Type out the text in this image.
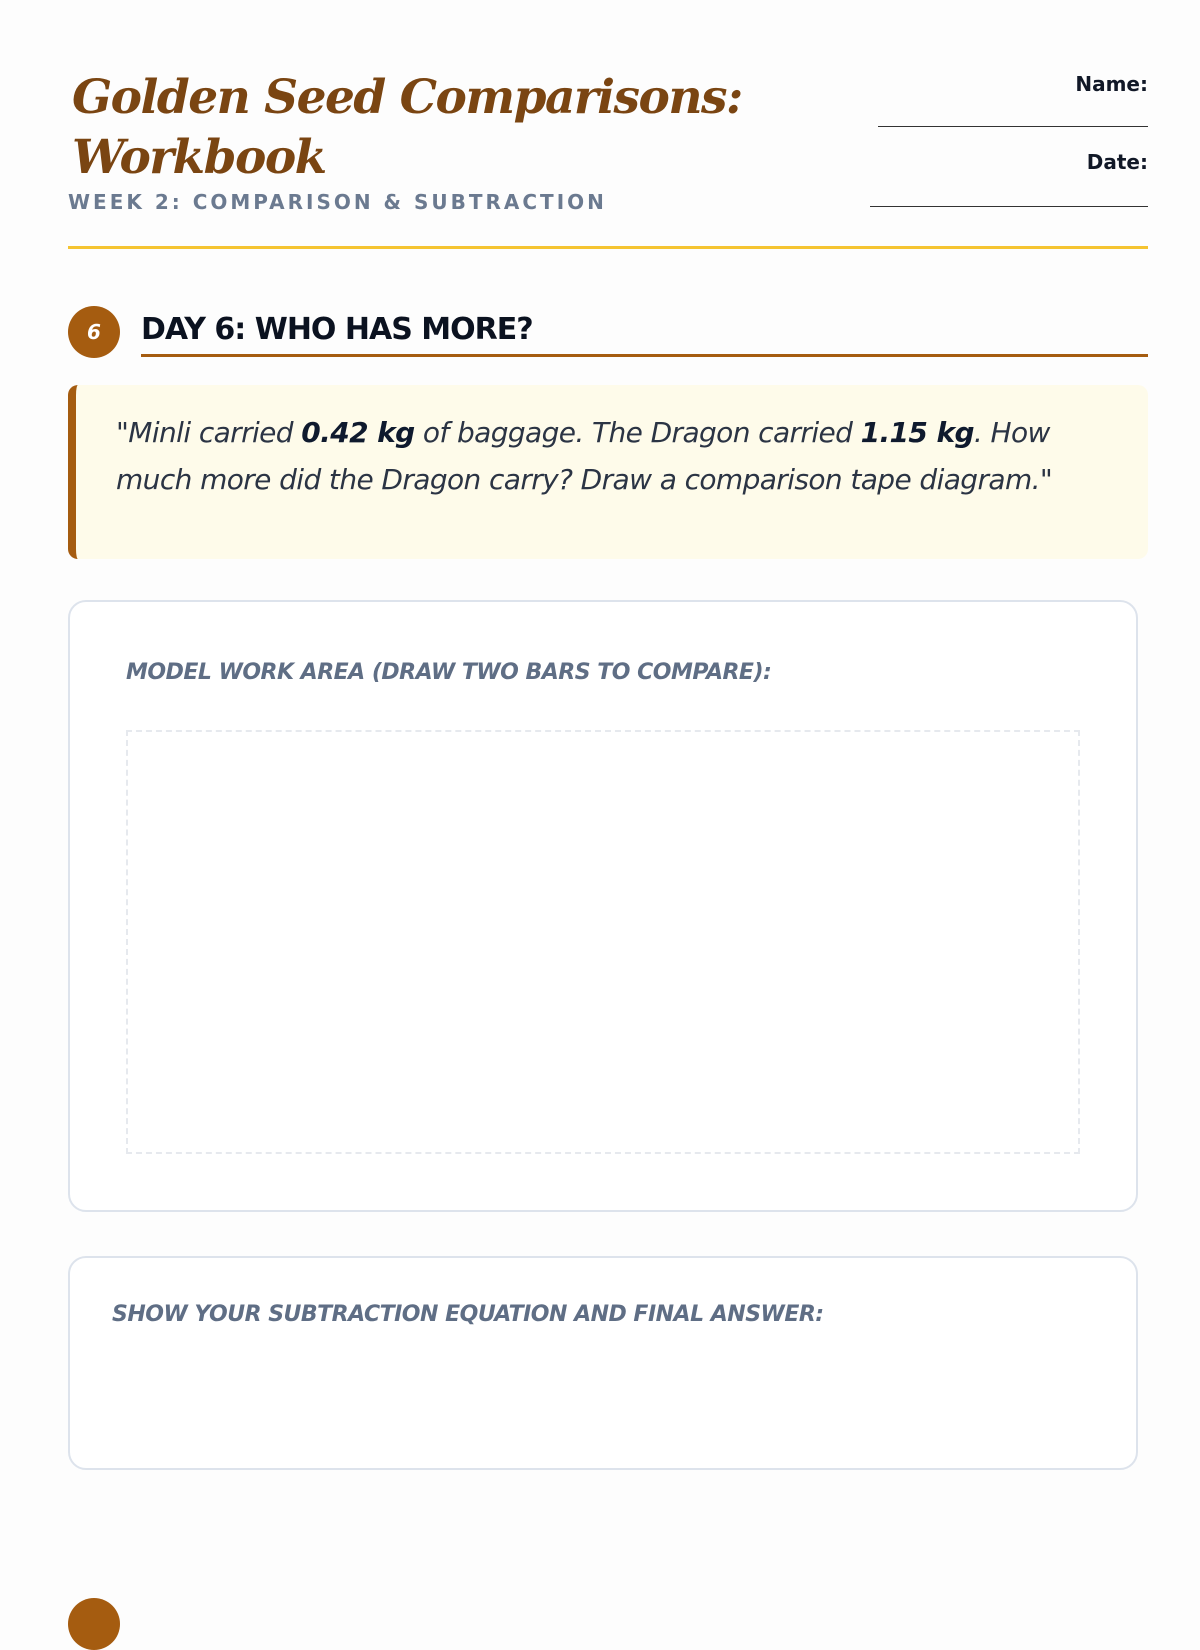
Golden Seed Comparisons: Workbook
WEEK 2: COMPARISON & SUBTRACTION
Name:
Date:
6	DAY 6: WHO HAS MORE?

"Minli carried 0.42 kg of baggage. The Dragon carried 1.15 kg. How much more did the Dragon carry? Draw a comparison tape diagram."

MODEL WORK AREA (DRAW TWO BARS TO COMPARE):
SHOW YOUR SUBTRACTION EQUATION AND FINAL ANSWER:
